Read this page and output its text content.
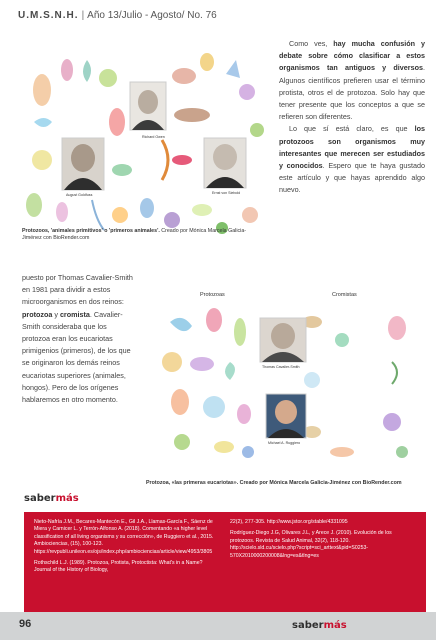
U.M.S.N.H. | Año 13/Julio - Agosto/ No. 76
Richard Owen
August Goldfuss	Ernst von Siebold
Protozoos, 'animales primitivos' o 'primeros animales'. Creado por Mónica Marcela Galicia-Jiménez con BioRender.com
Como ves, hay mucha confusión y debate sobre cómo clasificar a estos organismos tan antiguos y diversos. Algunos científicos prefieren usar el término protista, otros el de protozoa. Solo hay que tener presente que los conceptos a que se refieren son diferentes.
Lo que sí está claro, es que los protozoos son organismos muy interesantes que merecen ser estudiados y conocidos. Espero que te haya gustado este artículo y que hayas aprendido algo nuevo.
puesto por Thomas Cavalier-Smith en 1981 para dividir a estos microorganismos en dos reinos: protozoa y cromista. Cavalier-Smith consideraba que los protozoa eran los eucariotas primigenios (primeros), de los que se originaron los demás reinos eucariotas superiores (animales, hongos). Pero de los orígenes hablaremos en otro momento.
Protozoas	Cromistas
Thomas Cavalier-Smith
Michael A. Ruggiero
Protozoa, «las primeras eucariotas». Creado por Mónica Marcela Galicia-Jiménez con BioRender.com
sabermás

Nieto-Nafría J.M., Becares-Mantecón E., Gil J.A., Llamas-García F., Sáenz de Miera y Carnicer L. y Terrón-Alfonso A. (2018). Comentando «a higher level classification of all living organisms y su corrección», de Ruggiero et al., 2015. Ambiociencias, (15), 100-123. https://revpubli.unileon.es/ojs/index.php/ambiociencias/article/view/4953/3805

Rothschild L.J. (1989). Protozoa, Protista, Protoctista: What's in a Name? Journal of the History of Biology,

22(2), 277-305. http://www.jstor.org/stable/4331095

Rodríguez-Diego J.G, Olivares J.L, y Arece J. (2010). Evolución de los protozoos. Revista de Salud Animal, 32(2), 118-120. http://scielo.sld.cu/scielo.php?script=sci_arttext&pid=S0253-570X2010000200008&lng=es&tlng=es

96	sabermás
